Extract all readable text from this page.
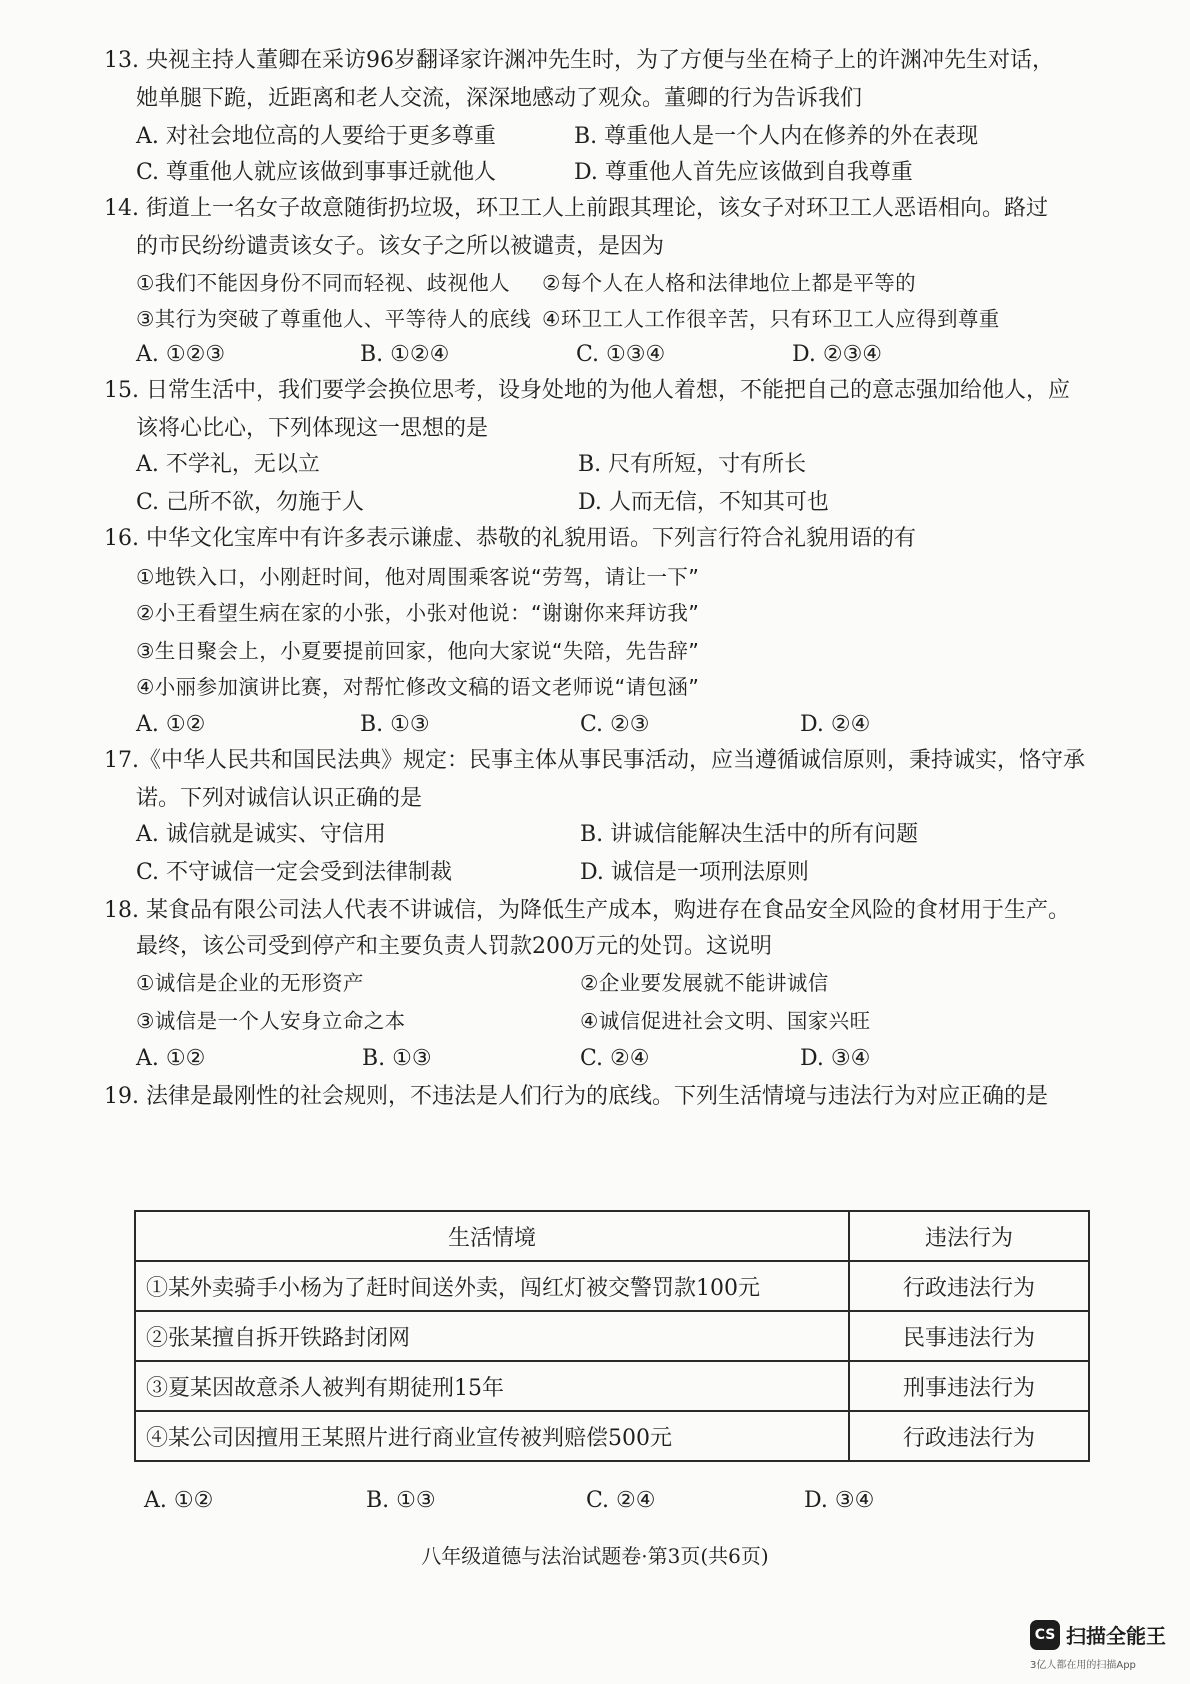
13. 央视主持人董卿在采访96岁翻译家许渊冲先生时，为了方便与坐在椅子上的许渊冲先生对话，
她单腿下跪，近距离和老人交流，深深地感动了观众。董卿的行为告诉我们
A. 对社会地位高的人要给于更多尊重	B. 尊重他人是一个人内在修养的外在表现
C. 尊重他人就应该做到事事迁就他人	D. 尊重他人首先应该做到自我尊重
14. 街道上一名女子故意随街扔垃圾，环卫工人上前跟其理论，该女子对环卫工人恶语相向。路过
的市民纷纷谴责该女子。该女子之所以被谴责，是因为
①我们不能因身份不同而轻视、歧视他人 ②每个人在人格和法律地位上都是平等的
③其行为突破了尊重他人、平等待人的底线 ④环卫工人工作很辛苦，只有环卫工人应得到尊重
A. ①②③	B. ①②④	C. ①③④	D. ②③④
15. 日常生活中，我们要学会换位思考，设身处地的为他人着想，不能把自己的意志强加给他人，应
该将心比心，下列体现这一思想的是
A. 不学礼，无以立	B. 尺有所短，寸有所长
C. 己所不欲，勿施于人	D. 人而无信，不知其可也
16. 中华文化宝库中有许多表示谦虚、恭敬的礼貌用语。下列言行符合礼貌用语的有
①地铁入口，小刚赶时间，他对周围乘客说“劳驾，请让一下”
②小王看望生病在家的小张，小张对他说：“谢谢你来拜访我”
③生日聚会上，小夏要提前回家，他向大家说“失陪，先告辞”
④小丽参加演讲比赛，对帮忙修改文稿的语文老师说“请包涵”
A. ①②	B. ①③	C. ②③	D. ②④
17.《中华人民共和国民法典》规定：民事主体从事民事活动，应当遵循诚信原则，秉持诚实，恪守承
诺。下列对诚信认识正确的是
A. 诚信就是诚实、守信用	B. 讲诚信能解决生活中的所有问题
C. 不守诚信一定会受到法律制裁	D. 诚信是一项刑法原则
18. 某食品有限公司法人代表不讲诚信，为降低生产成本，购进存在食品安全风险的食材用于生产。
最终，该公司受到停产和主要负责人罚款200万元的处罚。这说明
①诚信是企业的无形资产	②企业要发展就不能讲诚信
③诚信是一个人安身立命之本	④诚信促进社会文明、国家兴旺
A. ①②	B. ①③	C. ②④	D. ③④
19. 法律是最刚性的社会规则，不违法是人们行为的底线。下列生活情境与违法行为对应正确的是
生活情境	违法行为
①某外卖骑手小杨为了赶时间送外卖，闯红灯被交警罚款100元	行政违法行为
②张某擅自拆开铁路封闭网	民事违法行为
③夏某因故意杀人被判有期徒刑15年	刑事违法行为
④某公司因擅用王某照片进行商业宣传被判赔偿500元	行政违法行为
A. ①②	B. ①③	C. ②④	D. ③④
八年级道德与法治试题卷·第3页(共6页)
CS 扫描全能王
3亿人都在用的扫描App
